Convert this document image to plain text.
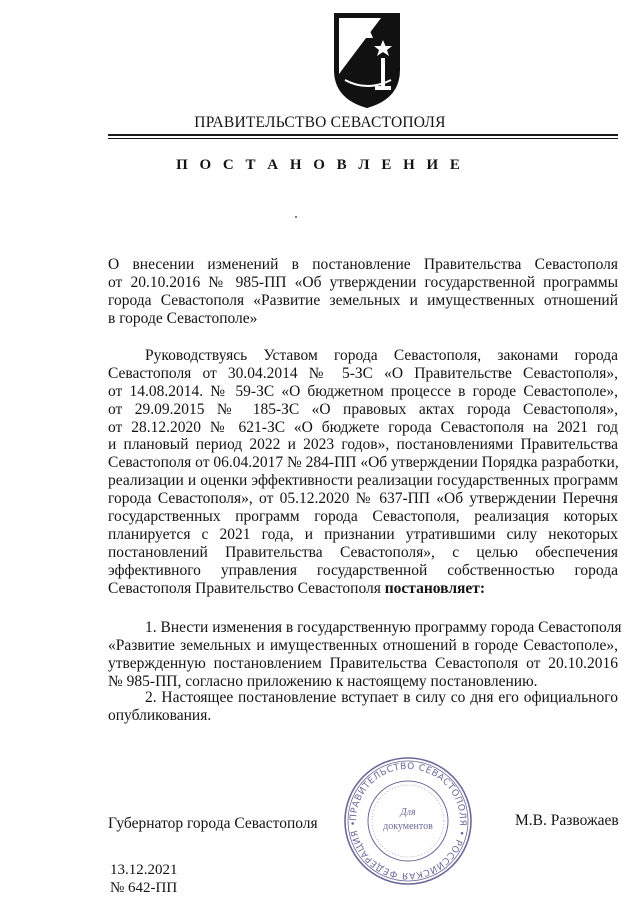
ПРАВИТЕЛЬСТВО СЕВАСТОПОЛЯ
П О С Т А Н О В Л Е Н И Е
О внесении изменений в постановление Правительства Севастополя
от 20.10.2016 № 985-ПП «Об утверждении государственной программы
города Севастополя «Развитие земельных и имущественных отношений
в городе Севастополе»
Руководствуясь Уставом города Севастополя, законами города
Севастополя от 30.04.2014 № 5-ЗС «О Правительстве Севастополя»,
от 14.08.2014. № 59-ЗС «О бюджетном процессе в городе Севастополе»,
от 29.09.2015 № 185-ЗС «О правовых актах города Севастополя»,
от 28.12.2020 № 621-ЗС «О бюджете города Севастополя на 2021 год
и плановый период 2022 и 2023 годов», постановлениями Правительства
Севастополя от 06.04.2017 № 284-ПП «Об утверждении Порядка разработки,
реализации и оценки эффективности реализации государственных программ
города Севастополя», от 05.12.2020 № 637-ПП «Об утверждении Перечня
государственных программ города Севастополя, реализация которых
планируется с 2021 года, и признании утратившими силу некоторых
постановлений Правительства Севастополя», с целью обеспечения
эффективного управления государственной собственностью города
Севастополя Правительство Севастополя постановляет:
1. Внести изменения в государственную программу города Севастополя
«Развитие земельных и имущественных отношений в городе Севастополе»,
утвержденную постановлением Правительства Севастополя от 20.10.2016
№ 985-ПП, согласно приложению к настоящему постановлению.
2. Настоящее постановление вступает в силу со дня его официального
опубликования.
ПРАВИТЕЛЬСТВО СЕВАСТОПОЛЯ • РОССИЙСКАЯ ФЕДЕРАЦИЯ •
Для
документов
Губернатор города Севастополя	М.В. Развожаев
13.12.2021
№ 642-ПП
